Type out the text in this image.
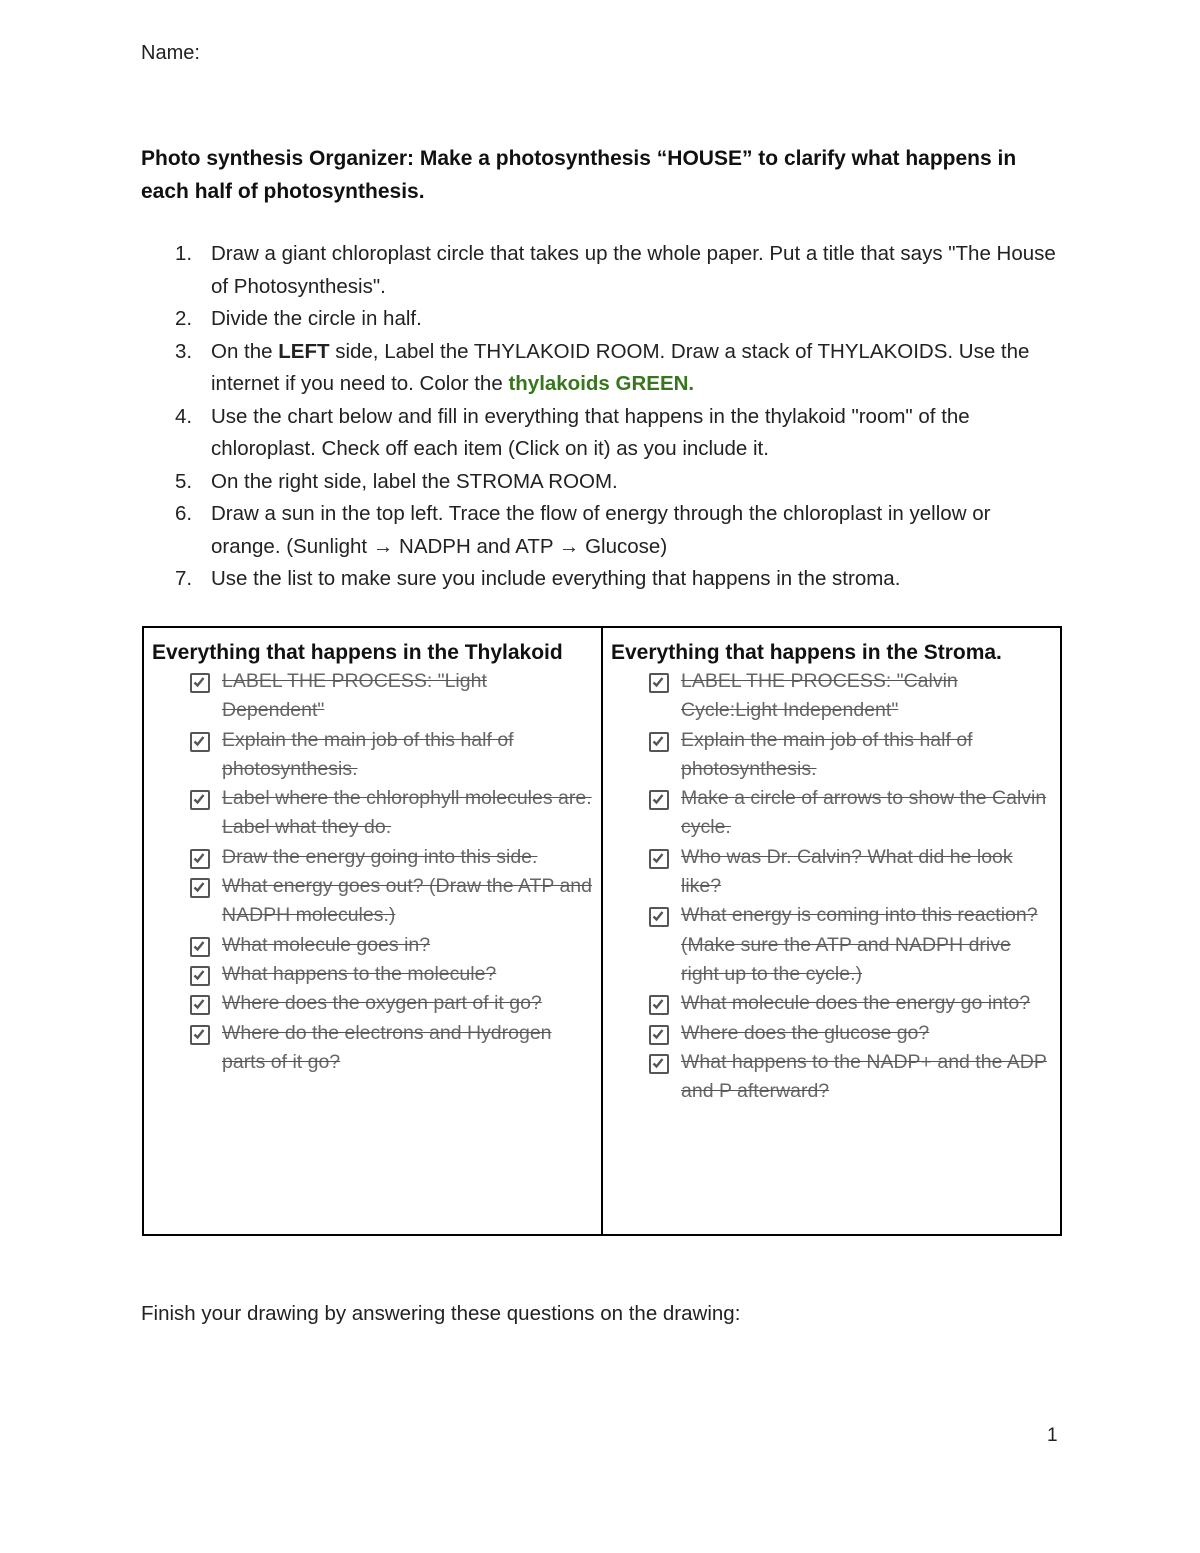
Name:
Photo synthesis Organizer: Make a photosynthesis “HOUSE” to clarify what happens in each half of photosynthesis.
1. Draw a giant chloroplast circle that takes up the whole paper. Put a title that says "The House of Photosynthesis".
2. Divide the circle in half.
3. On the LEFT side, Label the THYLAKOID ROOM. Draw a stack of THYLAKOIDS. Use the internet if you need to. Color the thylakoids GREEN.
4. Use the chart below and fill in everything that happens in the thylakoid "room" of the chloroplast. Check off each item (Click on it) as you include it.
5. On the right side, label the STROMA ROOM.
6. Draw a sun in the top left. Trace the flow of energy through the chloroplast in yellow or orange. (Sunlight → NADPH and ATP → Glucose)
7. Use the list to make sure you include everything that happens in the stroma.
Everything that happens in the Thylakoid
LABEL THE PROCESS: "Light Dependent"
Explain the main job of this half of photosynthesis.
Label where the chlorophyll molecules are. Label what they do.
Draw the energy going into this side.
What energy goes out? (Draw the ATP and NADPH molecules.)
What molecule goes in?
What happens to the molecule?
Where does the oxygen part of it go?
Where do the electrons and Hydrogen parts of it go?
Everything that happens in the Stroma.
LABEL THE PROCESS: "Calvin Cycle:Light Independent"
Explain the main job of this half of photosynthesis.
Make a circle of arrows to show the Calvin cycle.
Who was Dr. Calvin? What did he look like?
What energy is coming into this reaction? (Make sure the ATP and NADPH drive right up to the cycle.)
What molecule does the energy go into?
Where does the glucose go?
What happens to the NADP+ and the ADP and P afterward?
Finish your drawing by answering these questions on the drawing:
1
